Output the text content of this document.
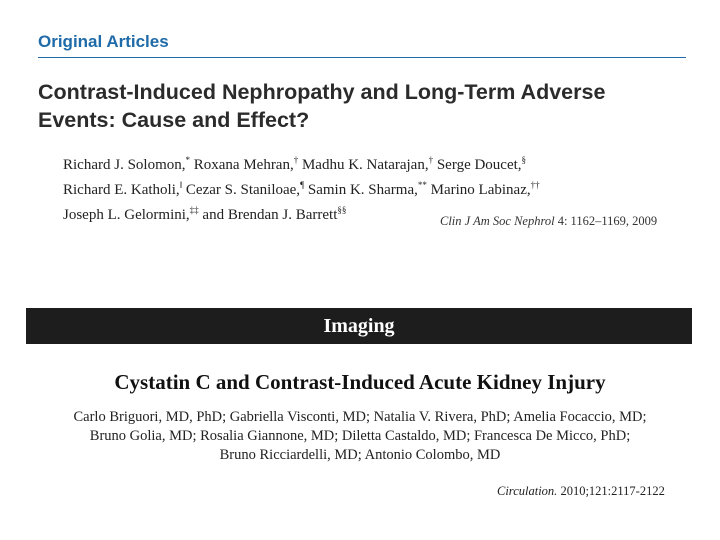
Original Articles
Contrast-Induced Nephropathy and Long-Term Adverse
Events: Cause and Effect?
Richard J. Solomon,* Roxana Mehran,† Madhu K. Natarajan,† Serge Doucet,§
Richard E. Katholi,‖ Cezar S. Staniloae,¶ Samin K. Sharma,** Marino Labinaz,††
Joseph L. Gelormini,‡‡ and Brendan J. Barrett§§
Clin J Am Soc Nephrol 4: 1162–1169, 2009
Imaging
Cystatin C and Contrast-Induced Acute Kidney Injury
Carlo Briguori, MD, PhD; Gabriella Visconti, MD; Natalia V. Rivera, PhD; Amelia Focaccio, MD;
Bruno Golia, MD; Rosalia Giannone, MD; Diletta Castaldo, MD; Francesca De Micco, PhD;
Bruno Ricciardelli, MD; Antonio Colombo, MD
Circulation. 2010;121:2117-2122
